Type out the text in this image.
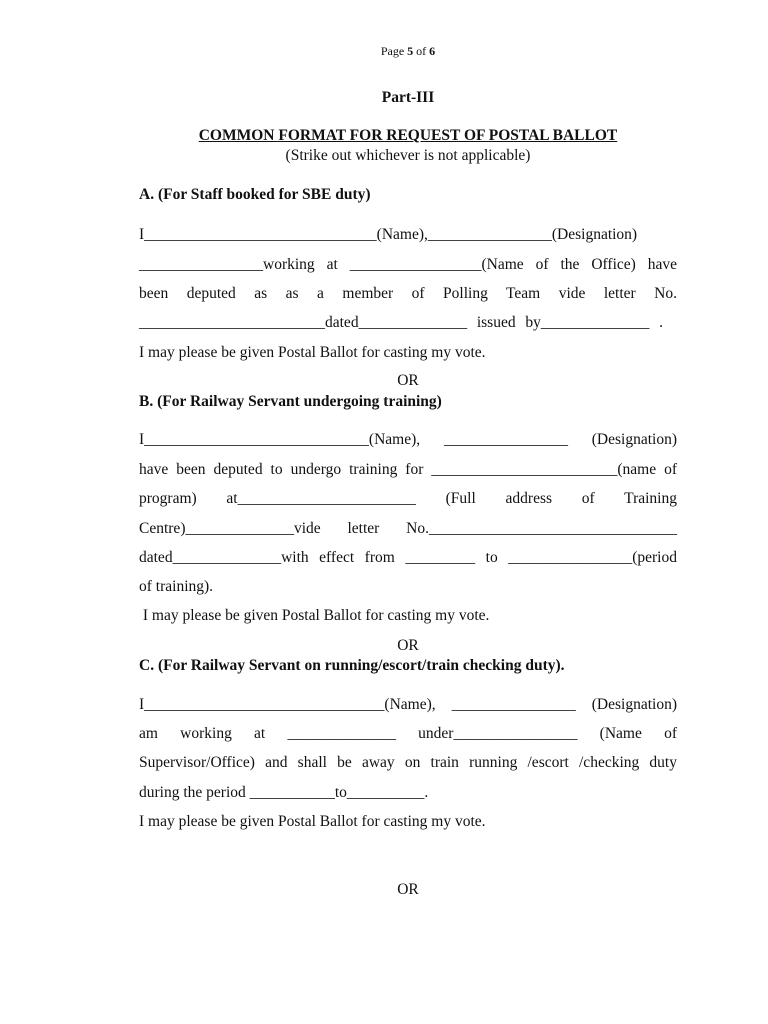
Page 5 of 6
Part-III
COMMON FORMAT FOR REQUEST OF POSTAL BALLOT
(Strike out whichever is not applicable)
A. (For Staff booked for SBE duty)
I______________________________(Name),________________(Designation)
________________working at _________________(Name of the Office) have
been deputed as as a member of Polling Team vide letter No.
________________________dated______________ issued by______________ .
I may please be given Postal Ballot for casting my vote.
OR
B. (For Railway Servant undergoing training)
I_____________________________(Name), ________________ (Designation)
have been deputed to undergo training for ________________________(name of
program) at_______________________ (Full address of Training
Centre)______________vide letter No.________________________________
dated______________with effect from _________ to ________________(period
of training).
I may please be given Postal Ballot for casting my vote.
OR
C. (For Railway Servant on running/escort/train checking duty).
I_______________________________(Name), ________________ (Designation)
am working at ______________ under________________ (Name of
Supervisor/Office) and shall be away on train running /escort /checking duty
during the period ___________to__________.
I may please be given Postal Ballot for casting my vote.
OR
